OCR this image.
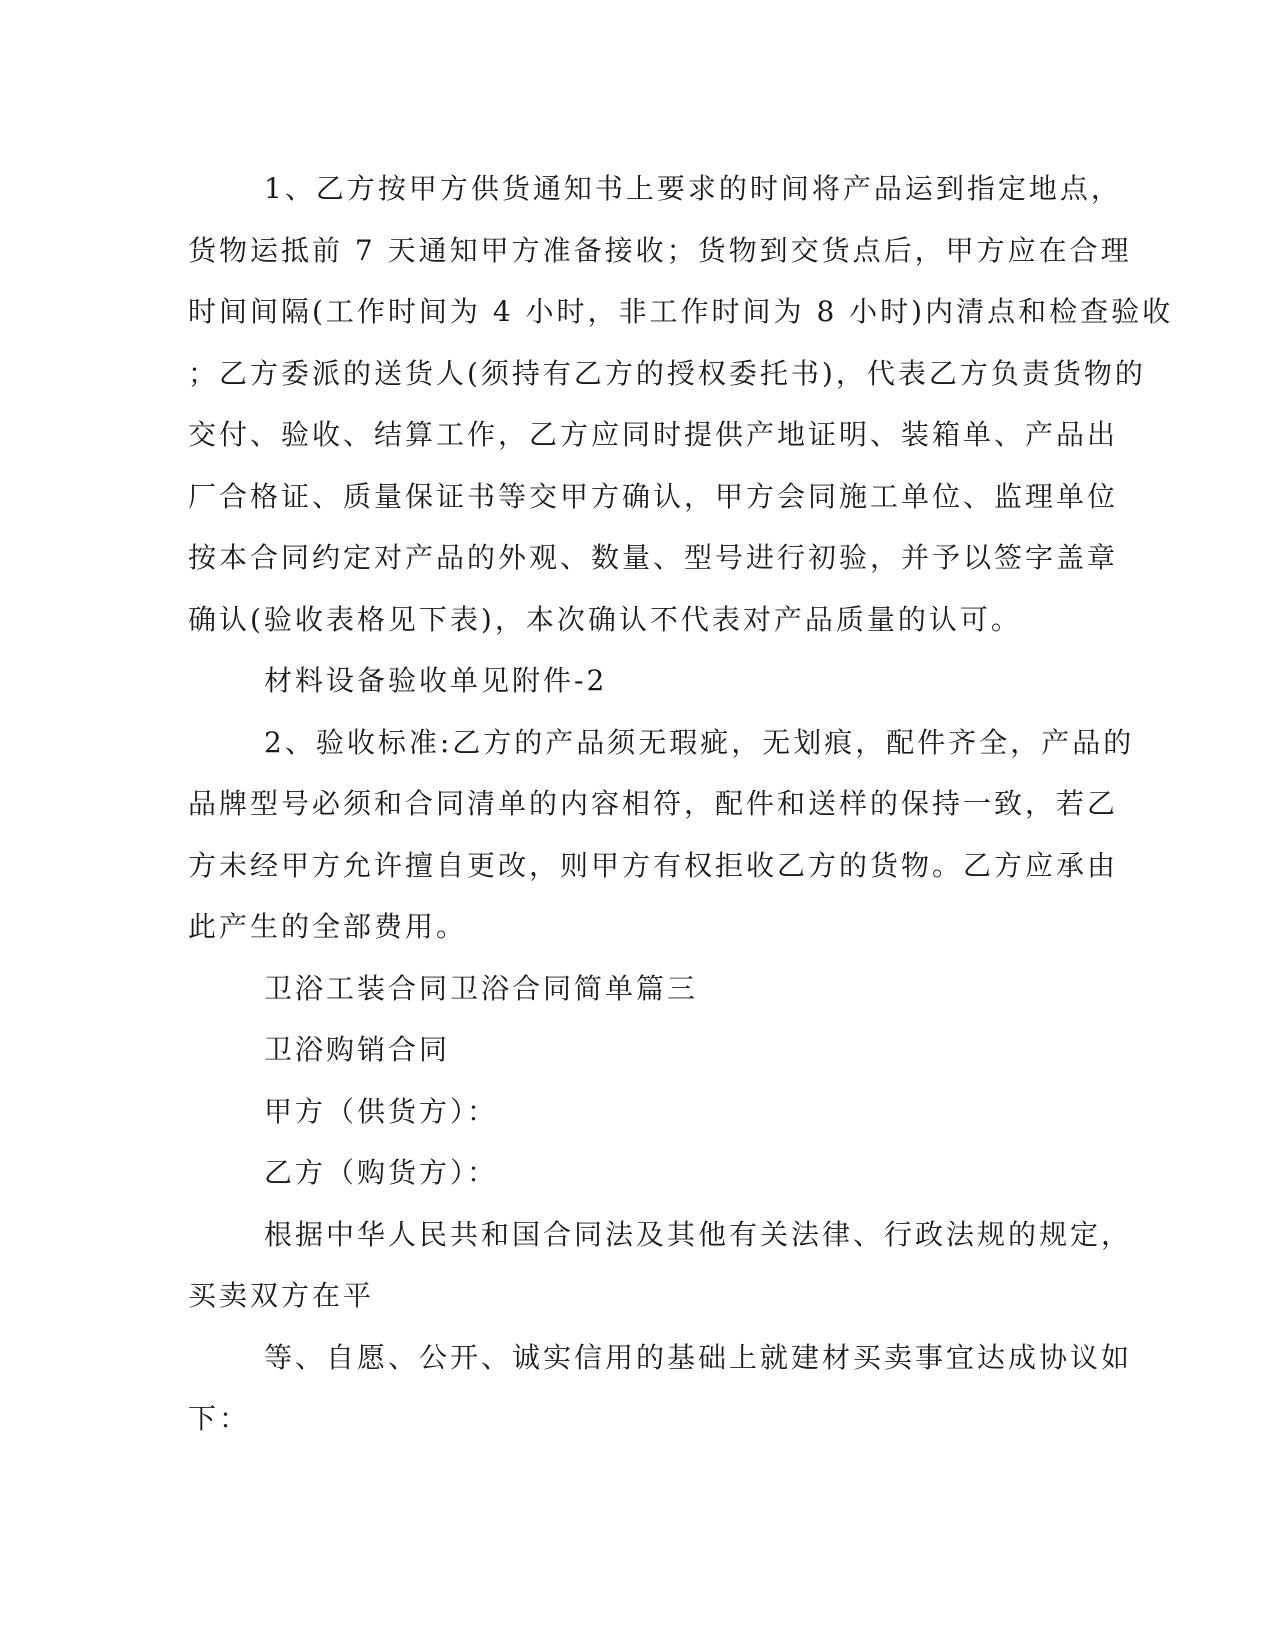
1、乙方按甲方供货通知书上要求的时间将产品运到指定地点，
货物运抵前 7 天通知甲方准备接收；货物到交货点后，甲方应在合理
时间间隔(工作时间为 4 小时，非工作时间为 8 小时)内清点和检查验收
；乙方委派的送货人(须持有乙方的授权委托书)，代表乙方负责货物的
交付、验收、结算工作，乙方应同时提供产地证明、装箱单、产品出
厂合格证、质量保证书等交甲方确认，甲方会同施工单位、监理单位
按本合同约定对产品的外观、数量、型号进行初验，并予以签字盖章
确认(验收表格见下表)，本次确认不代表对产品质量的认可。

材料设备验收单见附件-2

2、验收标准:乙方的产品须无瑕疵，无划痕，配件齐全，产品的
品牌型号必须和合同清单的内容相符，配件和送样的保持一致，若乙
方未经甲方允许擅自更改，则甲方有权拒收乙方的货物。乙方应承由
此产生的全部费用。

卫浴工装合同卫浴合同简单篇三

卫浴购销合同

甲方（供货方）：

乙方（购货方）：

根据中华人民共和国合同法及其他有关法律、行政法规的规定，
买卖双方在平

等、自愿、公开、诚实信用的基础上就建材买卖事宜达成协议如
下：
